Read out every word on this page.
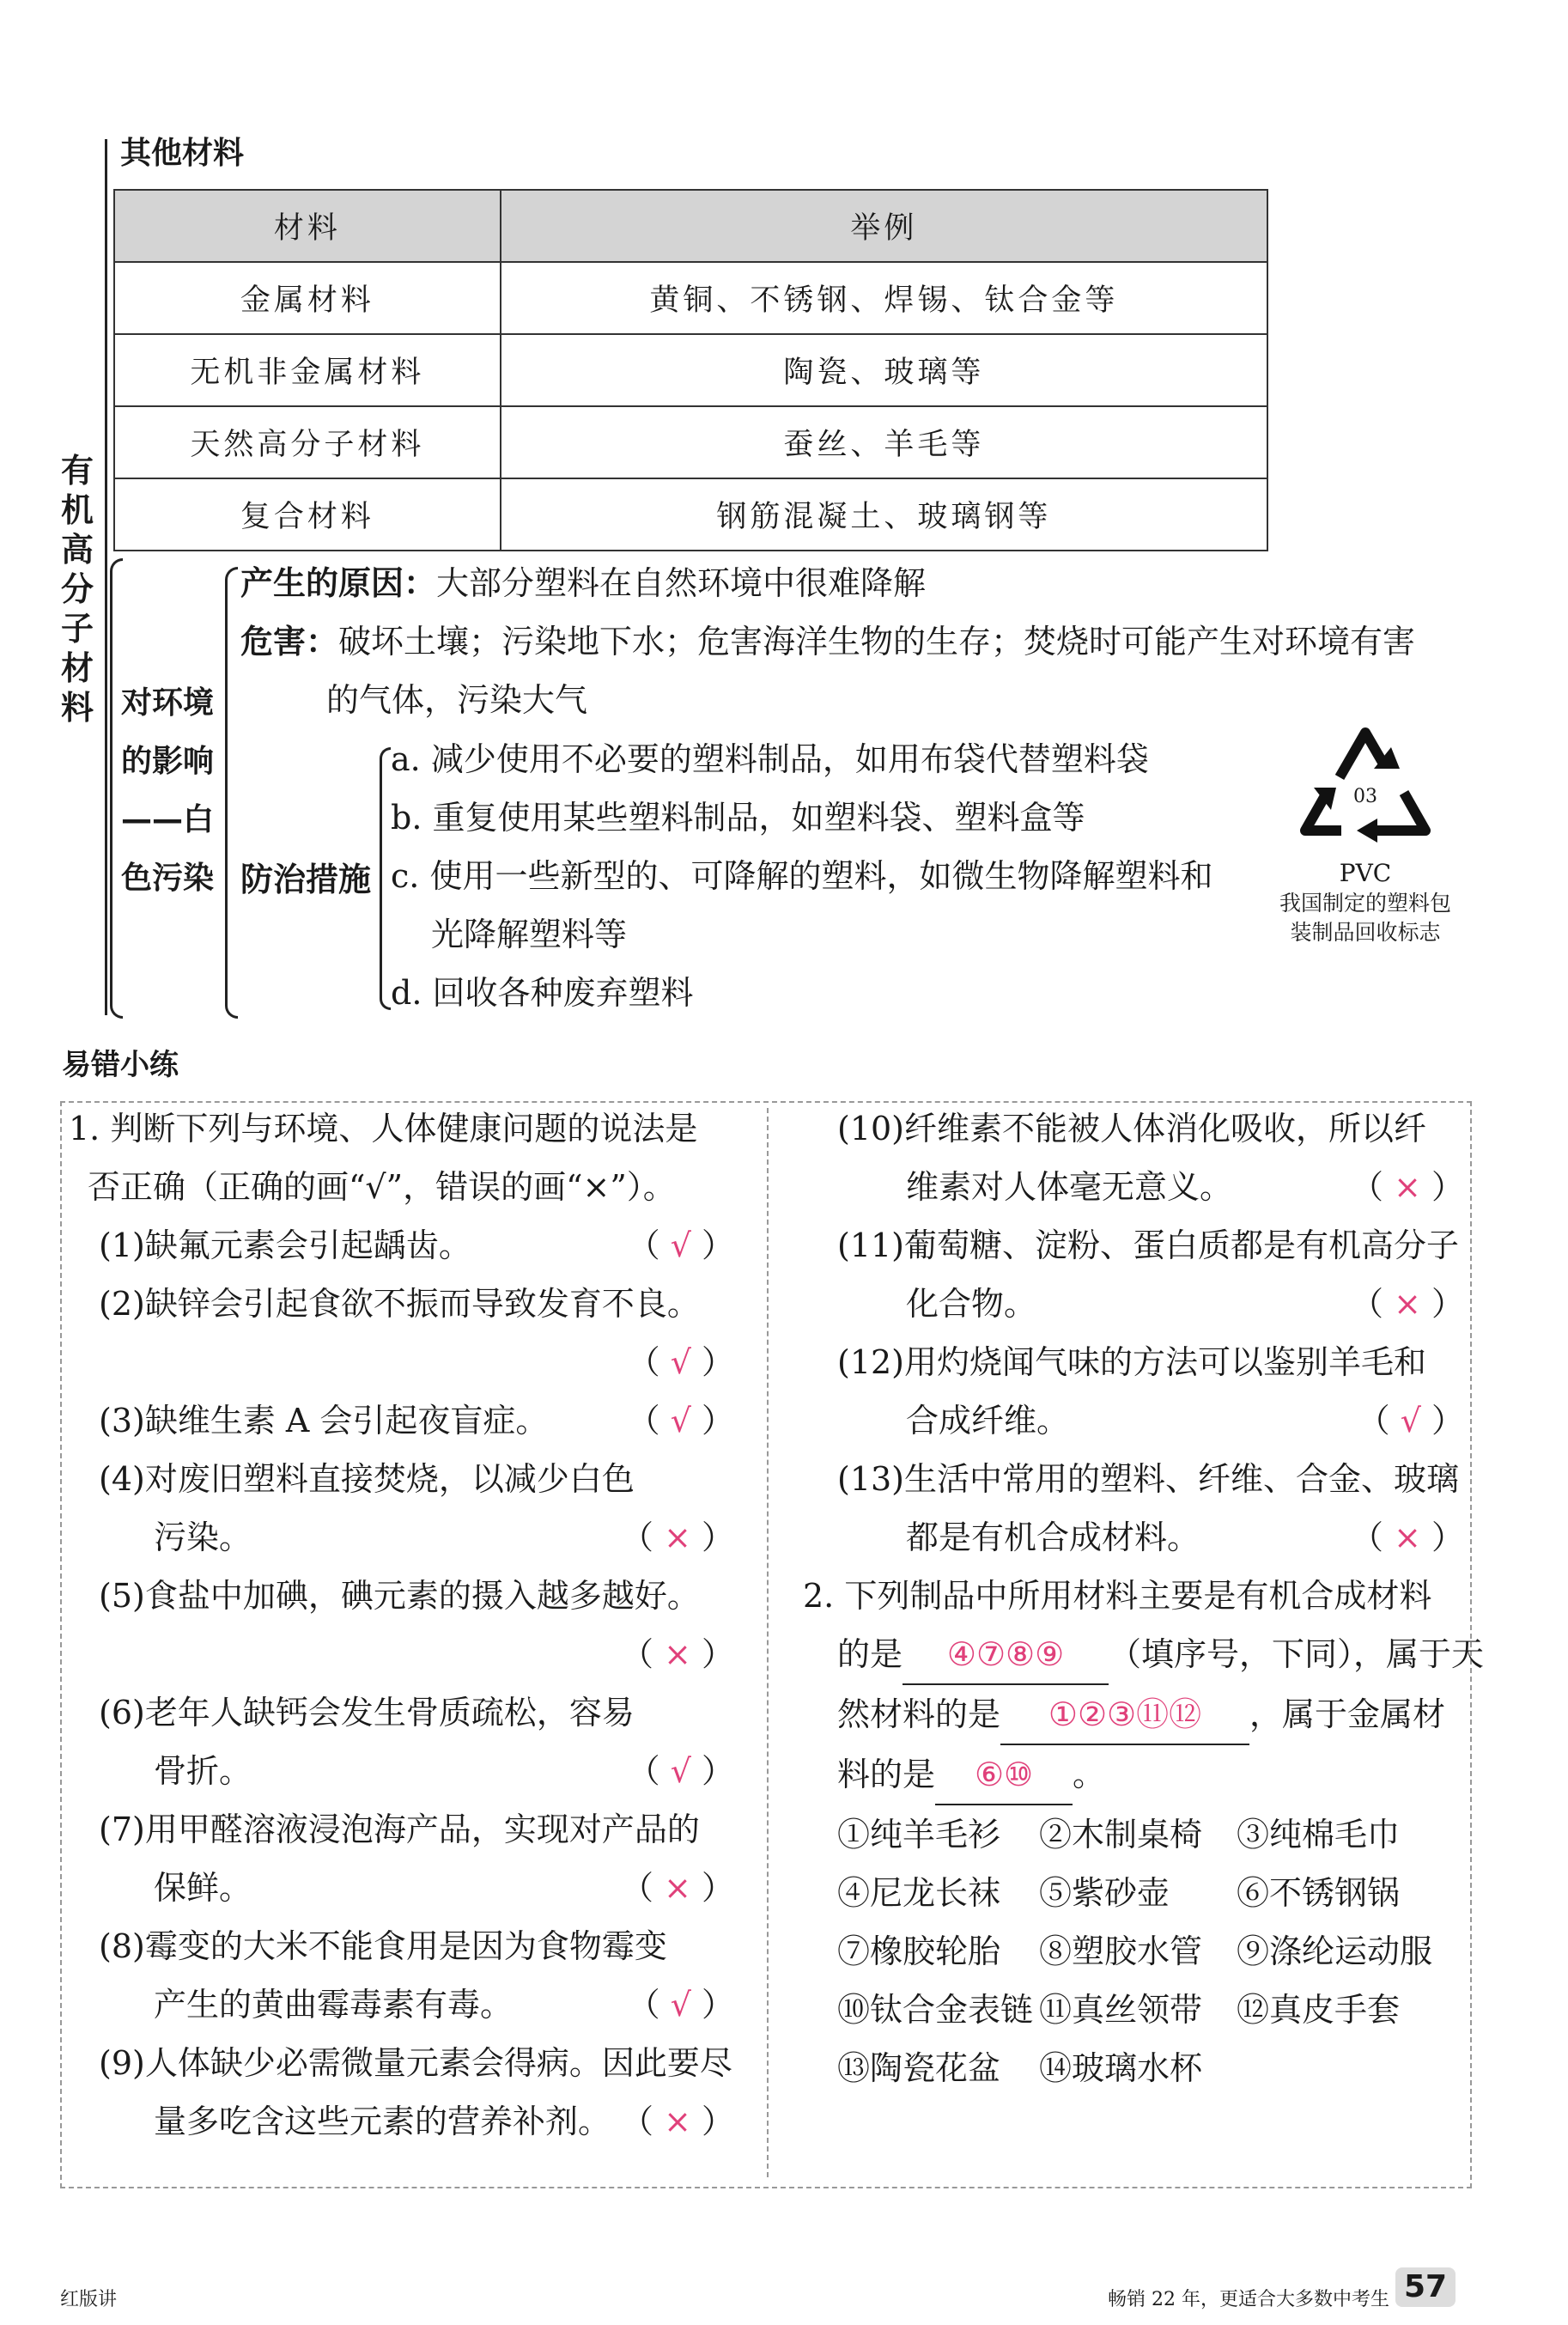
其他材料
有
机
高
分
子
材
料
材料	举例
金属材料	黄铜、不锈钢、焊锡、钛合金等
无机非金属材料	陶瓷、玻璃等
天然高分子材料	蚕丝、羊毛等
复合材料	钢筋混凝土、玻璃钢等
对环境
的影响
——白
色污染
产生的原因：大部分塑料在自然环境中很难降解
危害：破坏土壤；污染地下水；危害海洋生物的生存；焚烧时可能产生对环境有害
的气体，污染大气
防治措施
a. 减少使用不必要的塑料制品，如用布袋代替塑料袋
b. 重复使用某些塑料制品，如塑料袋、塑料盒等
c. 使用一些新型的、可降解的塑料，如微生物降解塑料和
光降解塑料等
d. 回收各种废弃塑料
03
PVC
我国制定的塑料包
装制品回收标志
易错小练
1. 判断下列与环境、人体健康问题的说法是
否正确（正确的画“√”，错误的画“×”）。
(1)缺氟元素会引起龋齿。	（ √ ）
(2)缺锌会引起食欲不振而导致发育不良。
（ √ ）
(3)缺维生素 A 会引起夜盲症。 （ √ ）
(4)对废旧塑料直接焚烧，以减少白色
污染。	（ × ）
(5)食盐中加碘，碘元素的摄入越多越好。
（ × ）
(6)老年人缺钙会发生骨质疏松，容易
骨折。	（ √ ）
(7)用甲醛溶液浸泡海产品，实现对产品的
保鲜。	（ × ）
(8)霉变的大米不能食用是因为食物霉变
产生的黄曲霉毒素有毒。	（ √ ）
(9)人体缺少必需微量元素会得病。因此要尽
量多吃含这些元素的营养补剂。 （ × ）
(10)纤维素不能被人体消化吸收，所以纤
维素对人体毫无意义。	（ × ）
(11)葡萄糖、淀粉、蛋白质都是有机高分子
化合物。	（ × ）
(12)用灼烧闻气味的方法可以鉴别羊毛和
合成纤维。	（ √ ）
(13)生活中常用的塑料、纤维、合金、玻璃
都是有机合成材料。	（ × ）
2. 下列制品中所用材料主要是有机合成材料
的是 ④⑦⑧⑨ （填序号，下同），属于天
然材料的是 ①②③⑪⑫ ，属于金属材
料的是 ⑥⑩ 。
①纯羊毛衫 ②木制桌椅 ③纯棉毛巾
④尼龙长袜 ⑤紫砂壶 ⑥不锈钢锅
⑦橡胶轮胎 ⑧塑胶水管 ⑨涤纶运动服
⑩钛合金表链 ⑪真丝领带 ⑫真皮手套
⑬陶瓷花盆 ⑭玻璃水杯
红版讲	畅销 22 年，更适合大多数中考生 57
